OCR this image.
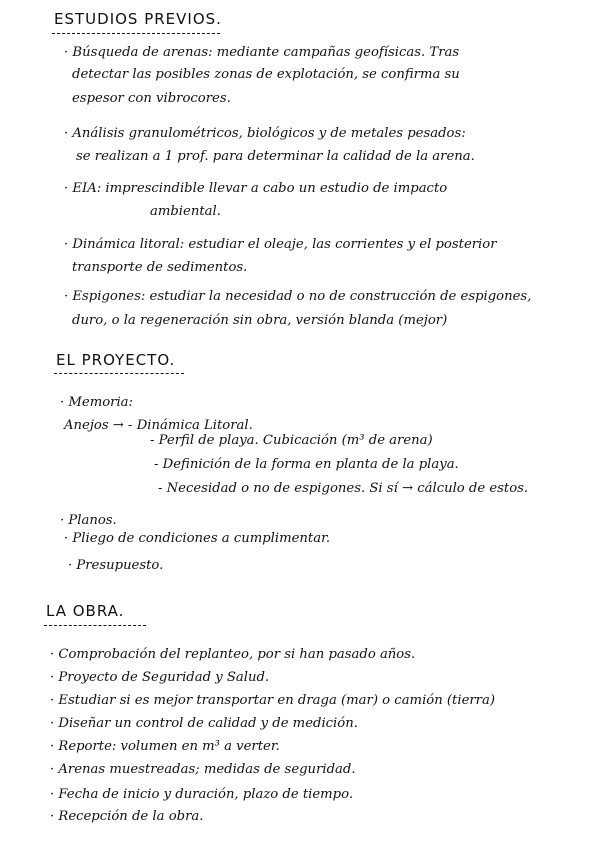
ESTUDIOS PREVIOS.
· Búsqueda de arenas: mediante campañas geofísicas. Tras
detectar las posibles zonas de explotación, se confirma su
espesor con vibrocores.
· Análisis granulométricos, biológicos y de metales pesados:
se realizan a 1 prof. para determinar la calidad de la arena.
· EIA: imprescindible llevar a cabo un estudio de impacto
ambiental.
· Dinámica litoral: estudiar el oleaje, las corrientes y el posterior
transporte de sedimentos.
· Espigones: estudiar la necesidad o no de construcción de espigones,
duro, o la regeneración sin obra, versión blanda (mejor)
EL PROYECTO.
· Memoria:
Anejos → - Dinámica Litoral.
- Perfil de playa. Cubicación (m³ de arena)
- Definición de la forma en planta de la playa.
- Necesidad o no de espigones. Si sí → cálculo de estos.
· Planos.
· Pliego de condiciones a cumplimentar.
· Presupuesto.
LA OBRA.
· Comprobación del replanteo, por si han pasado años.
· Proyecto de Seguridad y Salud.
· Estudiar si es mejor transportar en draga (mar) o camión (tierra)
· Diseñar un control de calidad y de medición.
· Reporte: volumen en m³ a verter.
· Arenas muestreadas; medidas de seguridad.
· Fecha de inicio y duración, plazo de tiempo.
· Recepción de la obra.
